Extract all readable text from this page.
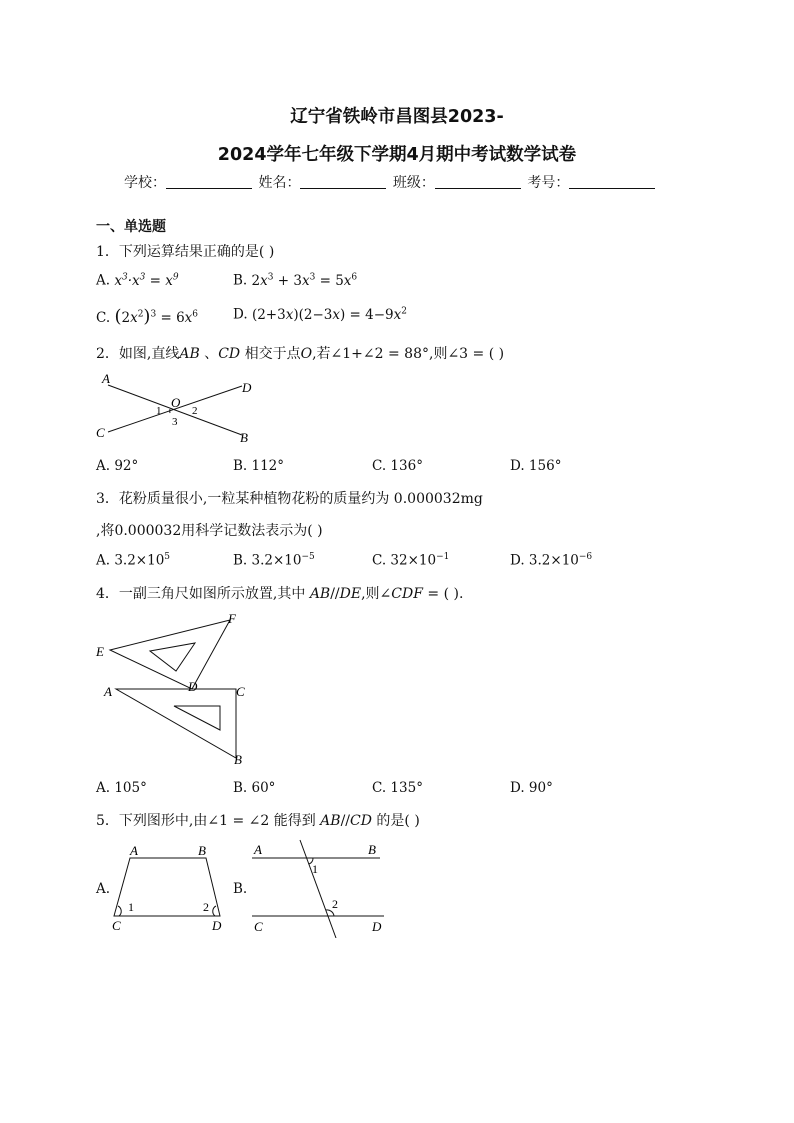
辽宁省铁岭市昌图县2023-
2024学年七年级下学期4月期中考试数学试卷
学校：	姓名：	班级：	考号：
一、单选题
1．下列运算结果正确的是( )
A. $x^3\cdot x^3 = x^9$	B. $2x^3 + 3x^3 = 5x^6$
C. $(2x^2)^3 = 6x^6$	D. $(2+3x)(2-3x) = 4-9x^2$
2．如图,直线AB 、CD 相交于点O,若∠1+∠2 = 88°,则∠3 = ( )
A
D
C	B
O
1	2
3
A. 92°	B. 112°	C. 136°	D. 156°
3．花粉质量很小,一粒某种植物花粉的质量约为 0.000032mg
,将0.000032用科学记数法表示为( )
A. $3.2\times 10^5$	B. $3.2\times 10^{-5}$	C. $32\times 10^{-1}$	D. $3.2\times 10^{-6}$
4．一副三角尺如图所示放置,其中 AB//DE,则∠CDF = ( ).
E
F
A	D	C
B
A. 105°	B. 60°	C. 135°	D. 90°
5．下列图形中,由∠1 = ∠2 能得到 AB//CD 的是( )
A.
A	B
C	D
1	2
B.
A	B
C	D
1
2
